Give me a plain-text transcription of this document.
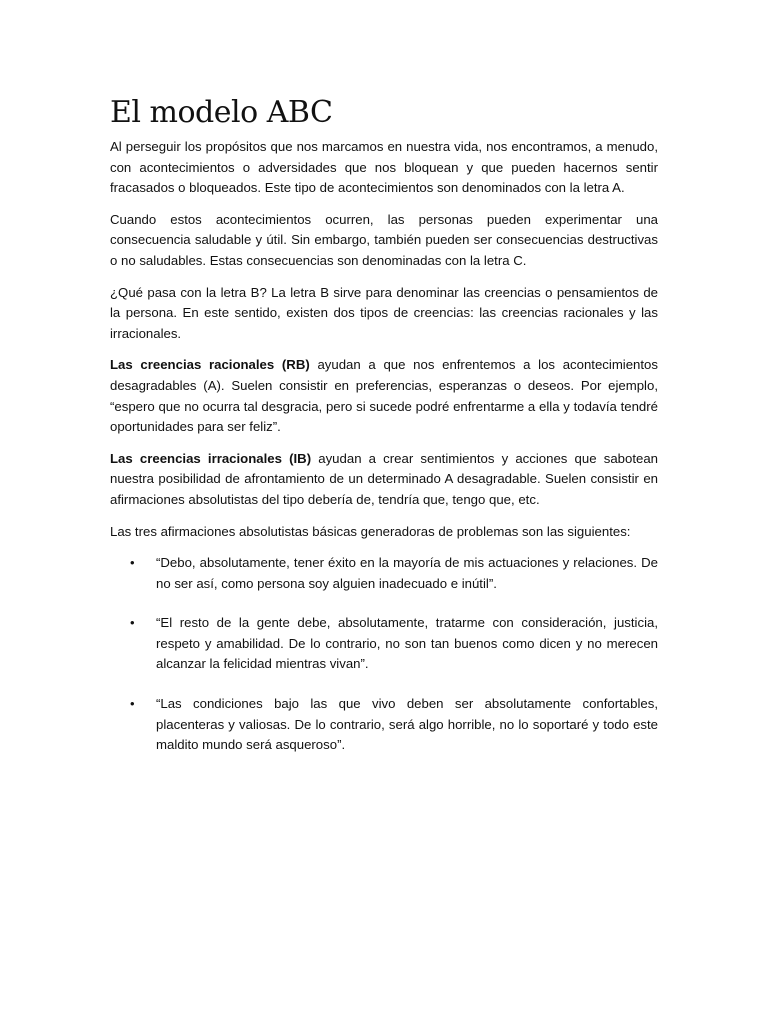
El modelo ABC

Al perseguir los propósitos que nos marcamos en nuestra vida, nos encontramos, a menudo, con acontecimientos o adversidades que nos bloquean y que pueden hacernos sentir fracasados o bloqueados. Este tipo de acontecimientos son denominados con la letra A.

Cuando estos acontecimientos ocurren, las personas pueden experimentar una consecuencia saludable y útil. Sin embargo, también pueden ser consecuencias destructivas o no saludables. Estas consecuencias son denominadas con la letra C.

¿Qué pasa con la letra B? La letra B sirve para denominar las creencias o pensamientos de la persona. En este sentido, existen dos tipos de creencias: las creencias racionales y las irracionales.

Las creencias racionales (RB) ayudan a que nos enfrentemos a los acontecimientos desagradables (A). Suelen consistir en preferencias, esperanzas o deseos. Por ejemplo, “espero que no ocurra tal desgracia, pero si sucede podré enfrentarme a ella y todavía tendré oportunidades para ser feliz”.

Las creencias irracionales (IB) ayudan a crear sentimientos y acciones que sabotean nuestra posibilidad de afrontamiento de un determinado A desagradable. Suelen consistir en afirmaciones absolutistas del tipo debería de, tendría que, tengo que, etc.

Las tres afirmaciones absolutistas básicas generadoras de problemas son las siguientes:

• “Debo, absolutamente, tener éxito en la mayoría de mis actuaciones y relaciones. De no ser así, como persona soy alguien inadecuado e inútil”.
• “El resto de la gente debe, absolutamente, tratarme con consideración, justicia, respeto y amabilidad. De lo contrario, no son tan buenos como dicen y no merecen alcanzar la felicidad mientras vivan”.
• “Las condiciones bajo las que vivo deben ser absolutamente confortables, placenteras y valiosas. De lo contrario, será algo horrible, no lo soportaré y todo este maldito mundo será asqueroso”.
